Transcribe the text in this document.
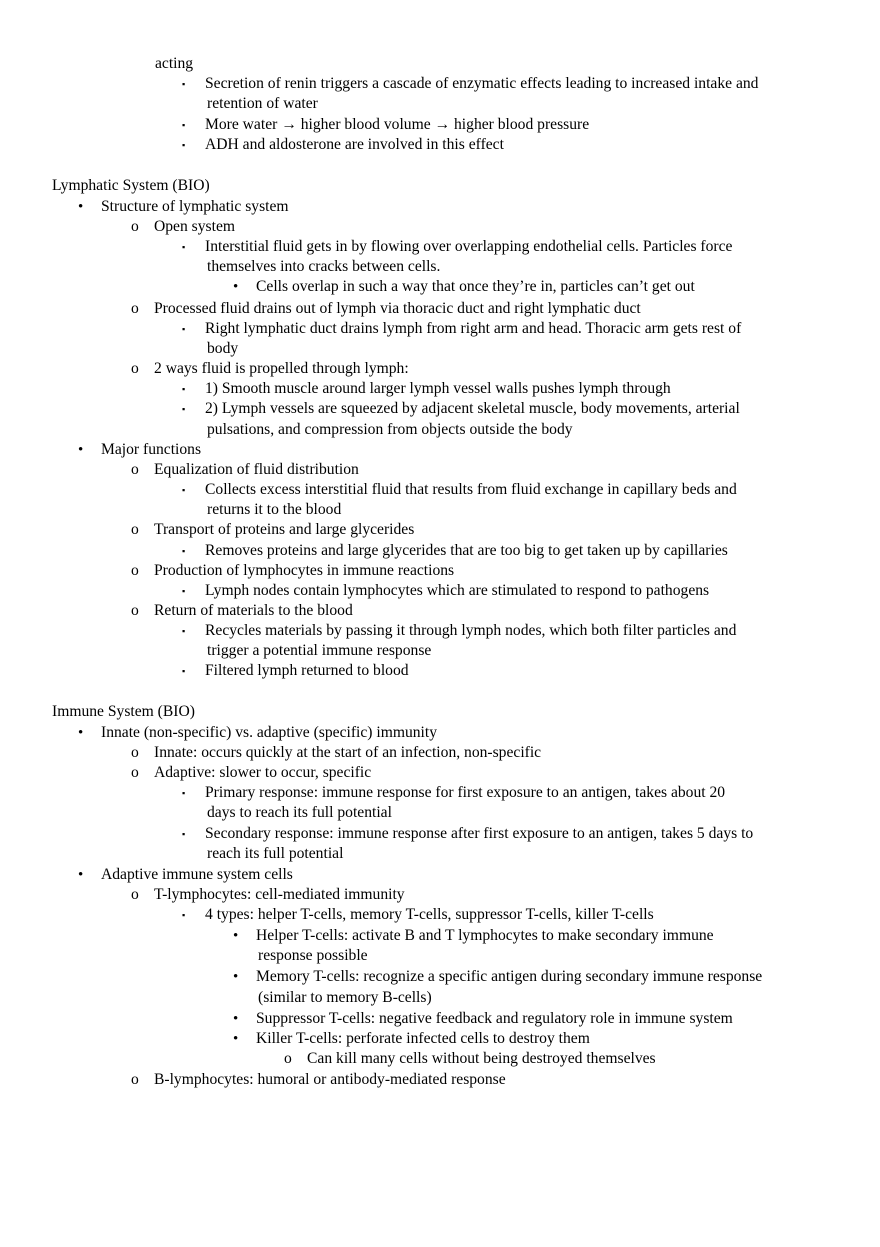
acting
▪ Secretion of renin triggers a cascade of enzymatic effects leading to increased intake and
retention of water
▪ More water → higher blood volume → higher blood pressure
▪ ADH and aldosterone are involved in this effect
Lymphatic System (BIO)
• Structure of lymphatic system
o Open system
▪ Interstitial fluid gets in by flowing over overlapping endothelial cells. Particles force
themselves into cracks between cells.
• Cells overlap in such a way that once they’re in, particles can’t get out
o Processed fluid drains out of lymph via thoracic duct and right lymphatic duct
▪ Right lymphatic duct drains lymph from right arm and head. Thoracic arm gets rest of
body
o 2 ways fluid is propelled through lymph:
▪ 1) Smooth muscle around larger lymph vessel walls pushes lymph through
▪ 2) Lymph vessels are squeezed by adjacent skeletal muscle, body movements, arterial
pulsations, and compression from objects outside the body
• Major functions
o Equalization of fluid distribution
▪ Collects excess interstitial fluid that results from fluid exchange in capillary beds and
returns it to the blood
o Transport of proteins and large glycerides
▪ Removes proteins and large glycerides that are too big to get taken up by capillaries
o Production of lymphocytes in immune reactions
▪ Lymph nodes contain lymphocytes which are stimulated to respond to pathogens
o Return of materials to the blood
▪ Recycles materials by passing it through lymph nodes, which both filter particles and
trigger a potential immune response
▪ Filtered lymph returned to blood
Immune System (BIO)
• Innate (non-specific) vs. adaptive (specific) immunity
o Innate: occurs quickly at the start of an infection, non-specific
o Adaptive: slower to occur, specific
▪ Primary response: immune response for first exposure to an antigen, takes about 20
days to reach its full potential
▪ Secondary response: immune response after first exposure to an antigen, takes 5 days to
reach its full potential
• Adaptive immune system cells
o T-lymphocytes: cell-mediated immunity
▪ 4 types: helper T-cells, memory T-cells, suppressor T-cells, killer T-cells
• Helper T-cells: activate B and T lymphocytes to make secondary immune
response possible
• Memory T-cells: recognize a specific antigen during secondary immune response
(similar to memory B-cells)
• Suppressor T-cells: negative feedback and regulatory role in immune system
• Killer T-cells: perforate infected cells to destroy them
o Can kill many cells without being destroyed themselves
o B-lymphocytes: humoral or antibody-mediated response
